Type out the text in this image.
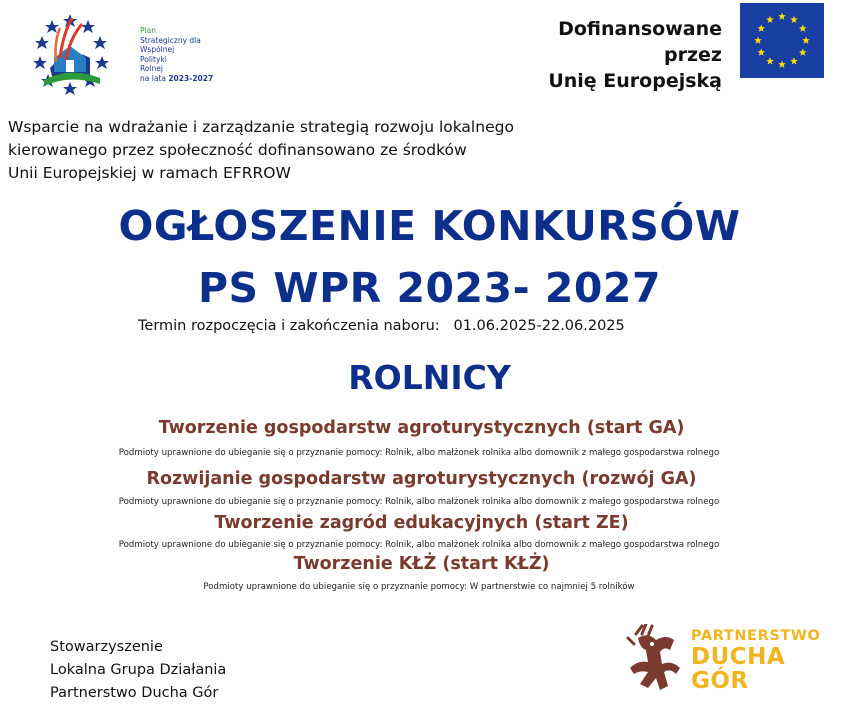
Plan
Strategiczny dla
Wspólnej
Polityki
Rolnej
na lata 2023-2027
Dofinansowane przez
Unię Europejską
Wsparcie na wdrażanie i zarządzanie strategią rozwoju lokalnego
kierowanego przez społeczność dofinansowano ze środków
Unii Europejskiej w ramach EFRROW
OGŁOSZENIE KONKURSÓW
PS WPR 2023- 2027
Termin rozpoczęcia i zakończenia naboru: 01.06.2025-22.06.2025
ROLNICY
Tworzenie gospodarstw agroturystycznych (start GA)
Podmioty uprawnione do ubieganie się o przyznanie pomocy: Rolnik, albo małżonek rolnika albo domownik z małego gospodarstwa rolnego
Rozwijanie gospodarstw agroturystycznych (rozwój GA)
Podmioty uprawnione do ubieganie się o przyznanie pomocy: Rolnik, albo małżonek rolnika albo domownik z małego gospodarstwa rolnego
Tworzenie zagród edukacyjnych (start ZE)
Podmioty uprawnione do ubieganie się o przyznanie pomocy: Rolnik, albo małżonek rolnika albo domownik z małego gospodarstwa rolnego
Tworzenie KŁŻ (start KŁŻ)
Podmioty uprawnione do ubieganie się o przyznanie pomocy: W partnerstwie co najmniej 5 rolników
Stowarzyszenie
Lokalna Grupa Działania
Partnerstwo Ducha Gór
PARTNERSTWO
DUCHA
GÓR
